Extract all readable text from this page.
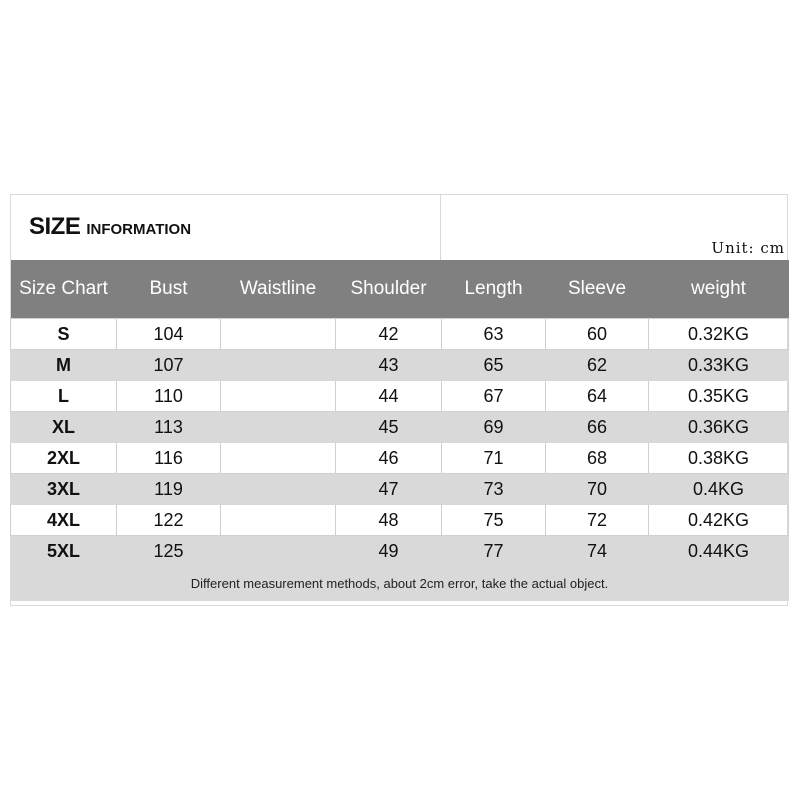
SIZE INFORMATION
Unit: cm
Size Chart	Bust	Waistline	Shoulder	Length	Sleeve	weight
S	104		42	63	60	0.32KG
M	107		43	65	62	0.33KG
L	110		44	67	64	0.35KG
XL	113		45	69	66	0.36KG
2XL	116		46	71	68	0.38KG
3XL	119		47	73	70	0.4KG
4XL	122		48	75	72	0.42KG
5XL	125		49	77	74	0.44KG
Different measurement methods, about 2cm error, take the actual object.						
